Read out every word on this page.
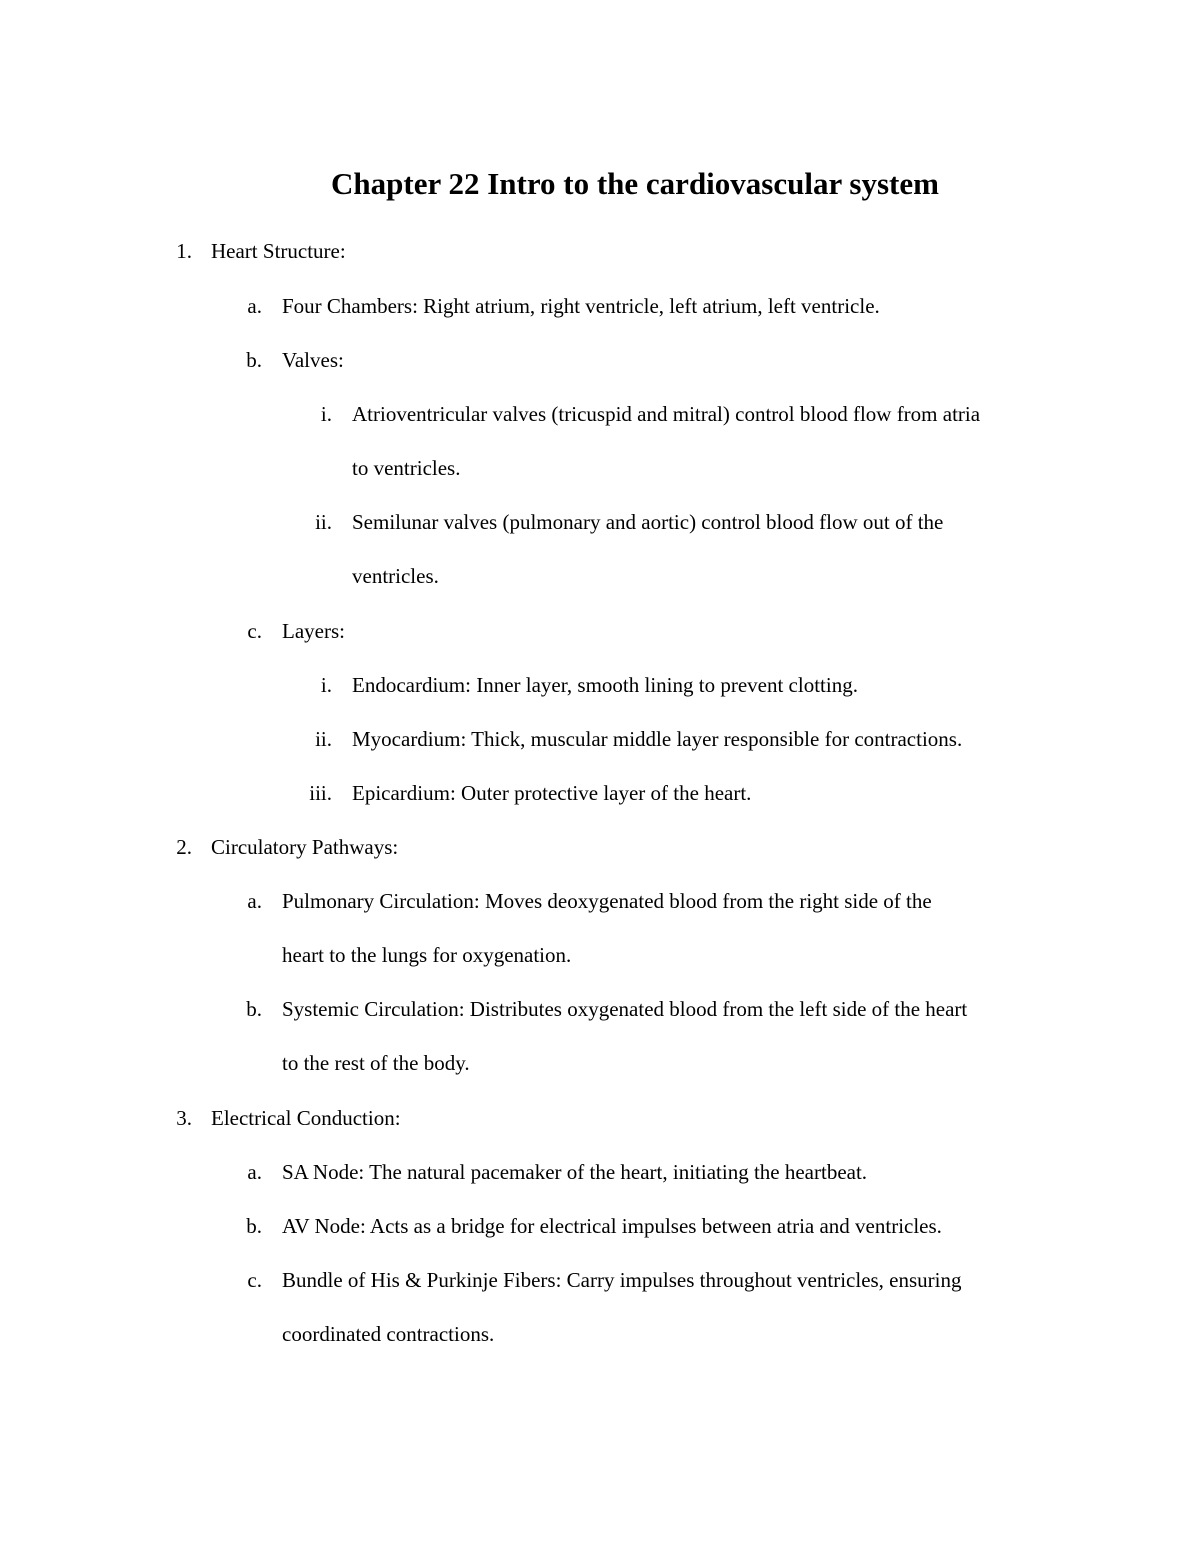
Chapter 22 Intro to the cardiovascular system
1. Heart Structure:
a. Four Chambers: Right atrium, right ventricle, left atrium, left ventricle.
b. Valves:
i. Atrioventricular valves (tricuspid and mitral) control blood flow from atria
to ventricles.
ii. Semilunar valves (pulmonary and aortic) control blood flow out of the
ventricles.
c. Layers:
i. Endocardium: Inner layer, smooth lining to prevent clotting.
ii. Myocardium: Thick, muscular middle layer responsible for contractions.
iii. Epicardium: Outer protective layer of the heart.
2. Circulatory Pathways:
a. Pulmonary Circulation: Moves deoxygenated blood from the right side of the
heart to the lungs for oxygenation.
b. Systemic Circulation: Distributes oxygenated blood from the left side of the heart
to the rest of the body.
3. Electrical Conduction:
a. SA Node: The natural pacemaker of the heart, initiating the heartbeat.
b. AV Node: Acts as a bridge for electrical impulses between atria and ventricles.
c. Bundle of His & Purkinje Fibers: Carry impulses throughout ventricles, ensuring
coordinated contractions.
